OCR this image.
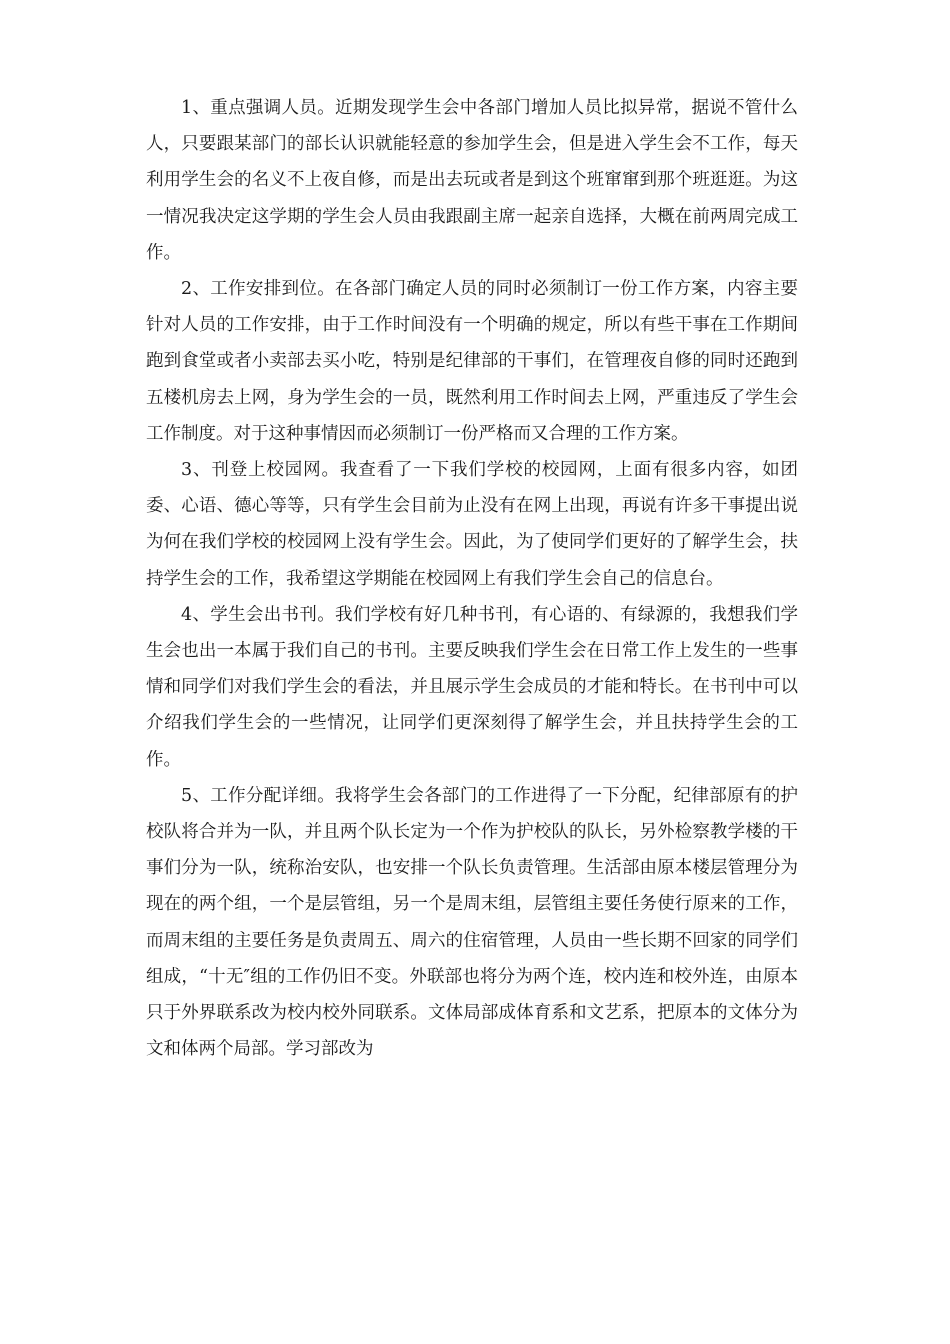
1、重点强调人员。近期发现学生会中各部门增加人员比拟异常，据说不管什么人，只要跟某部门的部长认识就能轻意的参加学生会，但是进入学生会不工作，每天利用学生会的名义不上夜自修，而是出去玩或者是到这个班窜窜到那个班逛逛。为这一情况我决定这学期的学生会人员由我跟副主席一起亲自选择，大概在前两周完成工作。

2、工作安排到位。在各部门确定人员的同时必须制订一份工作方案，内容主要针对人员的工作安排，由于工作时间没有一个明确的规定，所以有些干事在工作期间跑到食堂或者小卖部去买小吃，特别是纪律部的干事们，在管理夜自修的同时还跑到五楼机房去上网，身为学生会的一员，既然利用工作时间去上网，严重违反了学生会工作制度。对于这种事情因而必须制订一份严格而又合理的工作方案。

3、刊登上校园网。我查看了一下我们学校的校园网，上面有很多内容，如团委、心语、德心等等，只有学生会目前为止没有在网上出现，再说有许多干事提出说为何在我们学校的校园网上没有学生会。因此，为了使同学们更好的了解学生会，扶持学生会的工作，我希望这学期能在校园网上有我们学生会自己的信息台。

4、学生会出书刊。我们学校有好几种书刊，有心语的、有绿源的，我想我们学生会也出一本属于我们自己的书刊。主要反映我们学生会在日常工作上发生的一些事情和同学们对我们学生会的看法，并且展示学生会成员的才能和特长。在书刊中可以介绍我们学生会的一些情况，让同学们更深刻得了解学生会，并且扶持学生会的工作。

5、工作分配详细。我将学生会各部门的工作进得了一下分配，纪律部原有的护校队将合并为一队，并且两个队长定为一个作为护校队的队长，另外检察教学楼的干事们分为一队，统称治安队，也安排一个队长负责管理。生活部由原本楼层管理分为现在的两个组，一个是层管组，另一个是周末组，层管组主要任务使行原来的工作，而周末组的主要任务是负责周五、周六的住宿管理，人员由一些长期不回家的同学们组成，“十无″组的工作仍旧不变。外联部也将分为两个连，校内连和校外连，由原本只于外界联系改为校内校外同联系。文体局部成体育系和文艺系，把原本的文体分为文和体两个局部。学习部改为
